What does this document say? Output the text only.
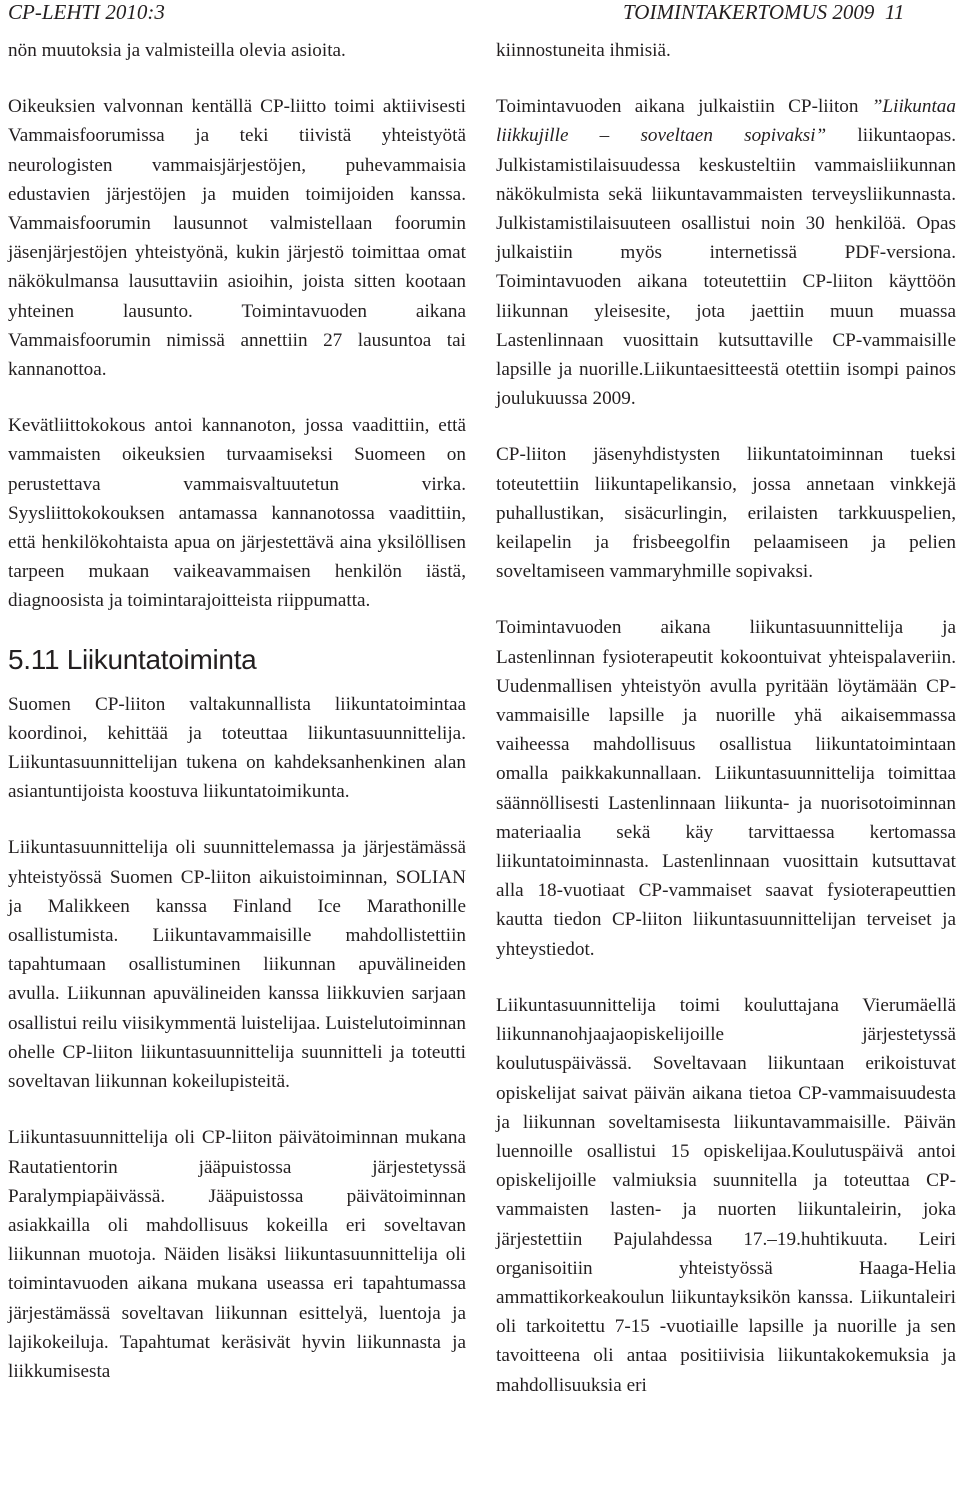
CP-LEHTI 2010:3	TOIMINTAKERTOMUS 2009  11

nön muutoksia ja valmisteilla olevia asioita.

Oikeuksien valvonnan kentällä CP-liitto toimi aktiivisesti Vammaisfoorumissa ja teki tiivistä yhteistyötä neurologisten vammaisjärjestöjen, puhevammaisia edustavien järjestöjen ja muiden toimijoiden kanssa. Vammaisfoorumin lausunnot valmistellaan foorumin jäsenjärjestöjen yhteistyönä, kukin järjestö toimittaa omat näkökulmansa lausuttaviin asioihin, joista sitten kootaan yhteinen lausunto. Toimintavuoden aikana Vammaisfoorumin nimissä annettiin 27 lausuntoa tai kannanottoa.

Kevätliittokokous antoi kannanoton, jossa vaadittiin, että vammaisten oikeuksien turvaamiseksi Suomeen on perustettava vammaisvaltuutetun virka. Syysliittokokouksen antamassa kannanotossa vaadittiin, että henkilökohtaista apua on järjestettävä aina yksilöllisen tarpeen mukaan vaikeavammaisen henkilön iästä, diagnoosista ja toimintarajoitteista riippumatta.

5.11 Liikuntatoiminta

Suomen CP-liiton valtakunnallista liikuntatoimintaa koordinoi, kehittää ja toteuttaa liikuntasuunnittelija. Liikuntasuunnittelijan tukena on kahdeksanhenkinen alan asiantuntijoista koostuva liikuntatoimikunta.

Liikuntasuunnittelija oli suunnittelemassa ja järjestämässä yhteistyössä Suomen CP-liiton aikuistoiminnan, SOLIAN ja Malikkeen kanssa Finland Ice Marathonille osallistumista. Liikuntavammaisille mahdollistettiin tapahtumaan osallistuminen liikunnan apuvälineiden avulla. Liikunnan apuvälineiden kanssa liikkuvien sarjaan osallistui reilu viisikymmentä luistelijaa. Luistelutoiminnan ohelle CP-liiton liikuntasuunnittelija suunnitteli ja toteutti soveltavan liikunnan kokeilupisteitä.

Liikuntasuunnittelija oli CP-liiton päivätoiminnan mukana Rautatientorin jääpuistossa järjestetyssä Paralympiapäivässä. Jääpuistossa päivätoiminnan asiakkailla oli mahdollisuus kokeilla eri soveltavan liikunnan muotoja. Näiden lisäksi liikuntasuunnittelija oli toimintavuoden aikana mukana useassa eri tapahtumassa järjestämässä soveltavan liikunnan esittelyä, luentoja ja lajikokeiluja. Tapahtumat keräsivät hyvin liikunnasta ja liikkumisesta

kiinnostuneita ihmisiä.

Toimintavuoden aikana julkaistiin CP-liiton ”Liikuntaa liikkujille – soveltaen sopivaksi” liikuntaopas. Julkistamistilaisuudessa keskusteltiin vammaisliikunnan näkökulmista sekä liikuntavammaisten terveysliikunnasta. Julkistamistilaisuuteen osallistui noin 30 henkilöä. Opas julkaistiin myös internetissä PDF-versiona. Toimintavuoden aikana toteutettiin CP-liiton käyttöön liikunnan yleisesite, jota jaettiin muun muassa Lastenlinnaan vuosittain kutsuttaville CP-vammaisille lapsille ja nuorille.Liikuntaesitteestä otettiin isompi painos joulukuussa 2009.

CP-liiton jäsenyhdistysten liikuntatoiminnan tueksi toteutettiin liikuntapelikansio, jossa annetaan vinkkejä puhallustikan, sisäcurlingin, erilaisten tarkkuuspelien, keilapelin ja frisbeegolfin pelaamiseen ja pelien soveltamiseen vammaryhmille sopivaksi.

Toimintavuoden aikana liikuntasuunnittelija ja Lastenlinnan fysioterapeutit kokoontuivat yhteispalaveriin. Uudenmallisen yhteistyön avulla pyritään löytämään CP-vammaisille lapsille ja nuorille yhä aikaisemmassa vaiheessa mahdollisuus osallistua liikuntatoimintaan omalla paikkakunnallaan. Liikuntasuunnittelija toimittaa säännöllisesti Lastenlinnaan liikunta- ja nuorisotoiminnan materiaalia sekä käy tarvittaessa kertomassa liikuntatoiminnasta. Lastenlinnaan vuosittain kutsuttavat alla 18-vuotiaat CP-vammaiset saavat fysioterapeuttien kautta tiedon CP-liiton liikuntasuunnittelijan terveiset ja yhteystiedot.

Liikuntasuunnittelija toimi kouluttajana Vierumäellä liikunnanohjaajaopiskelijoille järjestetyssä koulutuspäivässä. Soveltavaan liikuntaan erikoistuvat opiskelijat saivat päivän aikana tietoa CP-vammaisuudesta ja liikunnan soveltamisesta liikuntavammaisille. Päivän luennoille osallistui 15 opiskelijaa.Koulutuspäivä antoi opiskelijoille valmiuksia suunnitella ja toteuttaa CP-vammaisten lasten- ja nuorten liikuntaleirin, joka järjestettiin Pajulahdessa 17.–19.huhtikuuta. Leiri organisoitiin yhteistyössä Haaga-Helia ammattikorkeakoulun liikuntayksikön kanssa. Liikuntaleiri oli tarkoitettu 7-15 -vuotiaille lapsille ja nuorille ja sen tavoitteena oli antaa positiivisia liikuntakokemuksia ja mahdollisuuksia eri
